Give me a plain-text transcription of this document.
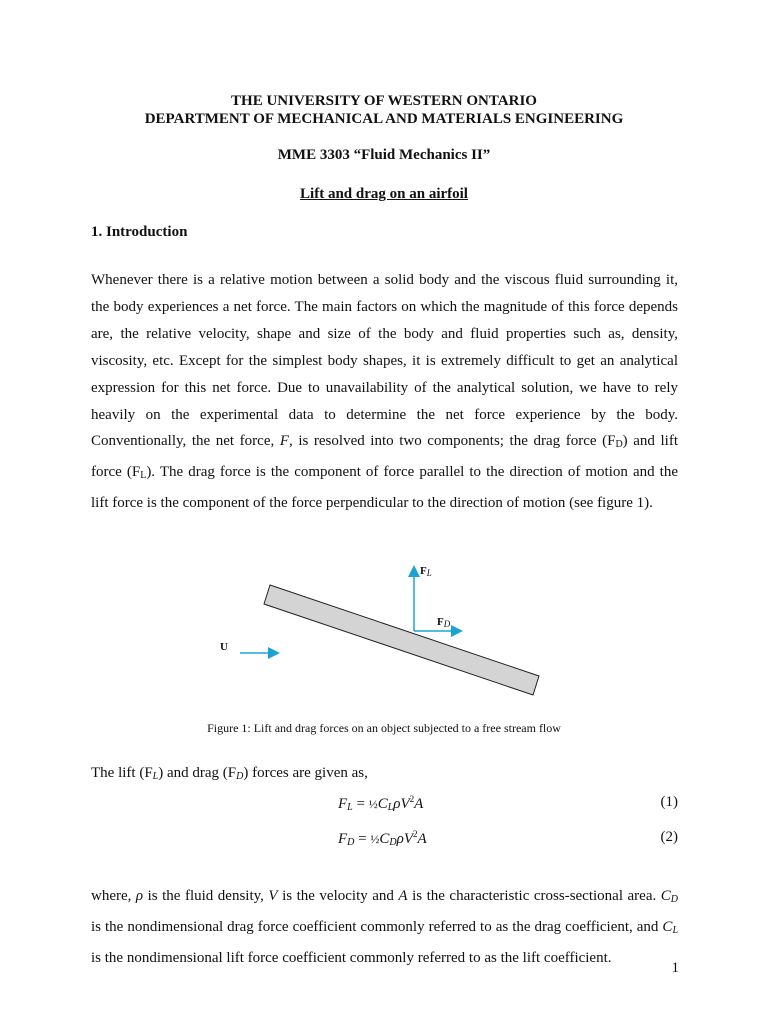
THE UNIVERSITY OF WESTERN ONTARIO
DEPARTMENT OF MECHANICAL AND MATERIALS ENGINEERING
MME 3303 “Fluid Mechanics II”
Lift and drag on an airfoil
1. Introduction
Whenever there is a relative motion between a solid body and the viscous fluid surrounding it,
the body experiences a net force. The main factors on which the magnitude of this force depends
are, the relative velocity, shape and size of the body and fluid properties such as, density,
viscosity, etc. Except for the simplest body shapes, it is extremely difficult to get an analytical
expression for this net force. Due to unavailability of the analytical solution, we have to rely
heavily on the experimental data to determine the net force experience by the body.
Conventionally, the net force, F, is resolved into two components; the drag force $(F_D)$ and lift
force $(F_L)$. The drag force is the component of force parallel to the direction of motion and the
lift force is the component of the force perpendicular to the direction of motion (see figure 1).
FL
FD
U
Figure 1: Lift and drag forces on an object subjected to a free stream flow
The lift $(F_L)$ and drag $(F_D)$ forces are given as,
$F_L$ = $\frac{1}{2}C_L\rho V^2A$	(1)
$F_D$ = $\frac{1}{2}C_D\rho V^2A$	(2)
where, ρ is the fluid density, V is the velocity and A is the characteristic cross-sectional area. $C_D$
is the nondimensional drag force coefficient commonly referred to as the drag coefficient, and $C_L$
is the nondimensional lift force coefficient commonly referred to as the lift coefficient.
1
